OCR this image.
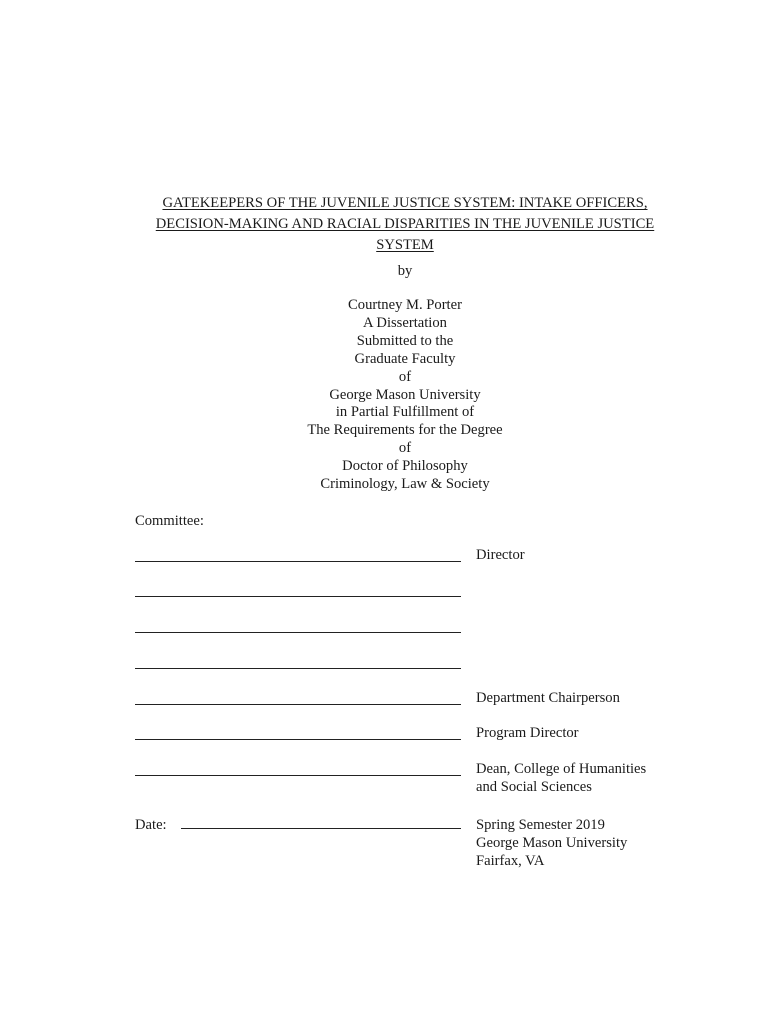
GATEKEEPERS OF THE JUVENILE JUSTICE SYSTEM: INTAKE OFFICERS,
DECISION-MAKING AND RACIAL DISPARITIES IN THE JUVENILE JUSTICE
SYSTEM
by
Courtney M. Porter
A Dissertation
Submitted to the
Graduate Faculty
of
George Mason University
in Partial Fulfillment of
The Requirements for the Degree
of
Doctor of Philosophy
Criminology, Law & Society
Committee:
Director
Department Chairperson
Program Director
Dean, College of Humanities
and Social Sciences
Date:	Spring Semester 2019
George Mason University
Fairfax, VA
